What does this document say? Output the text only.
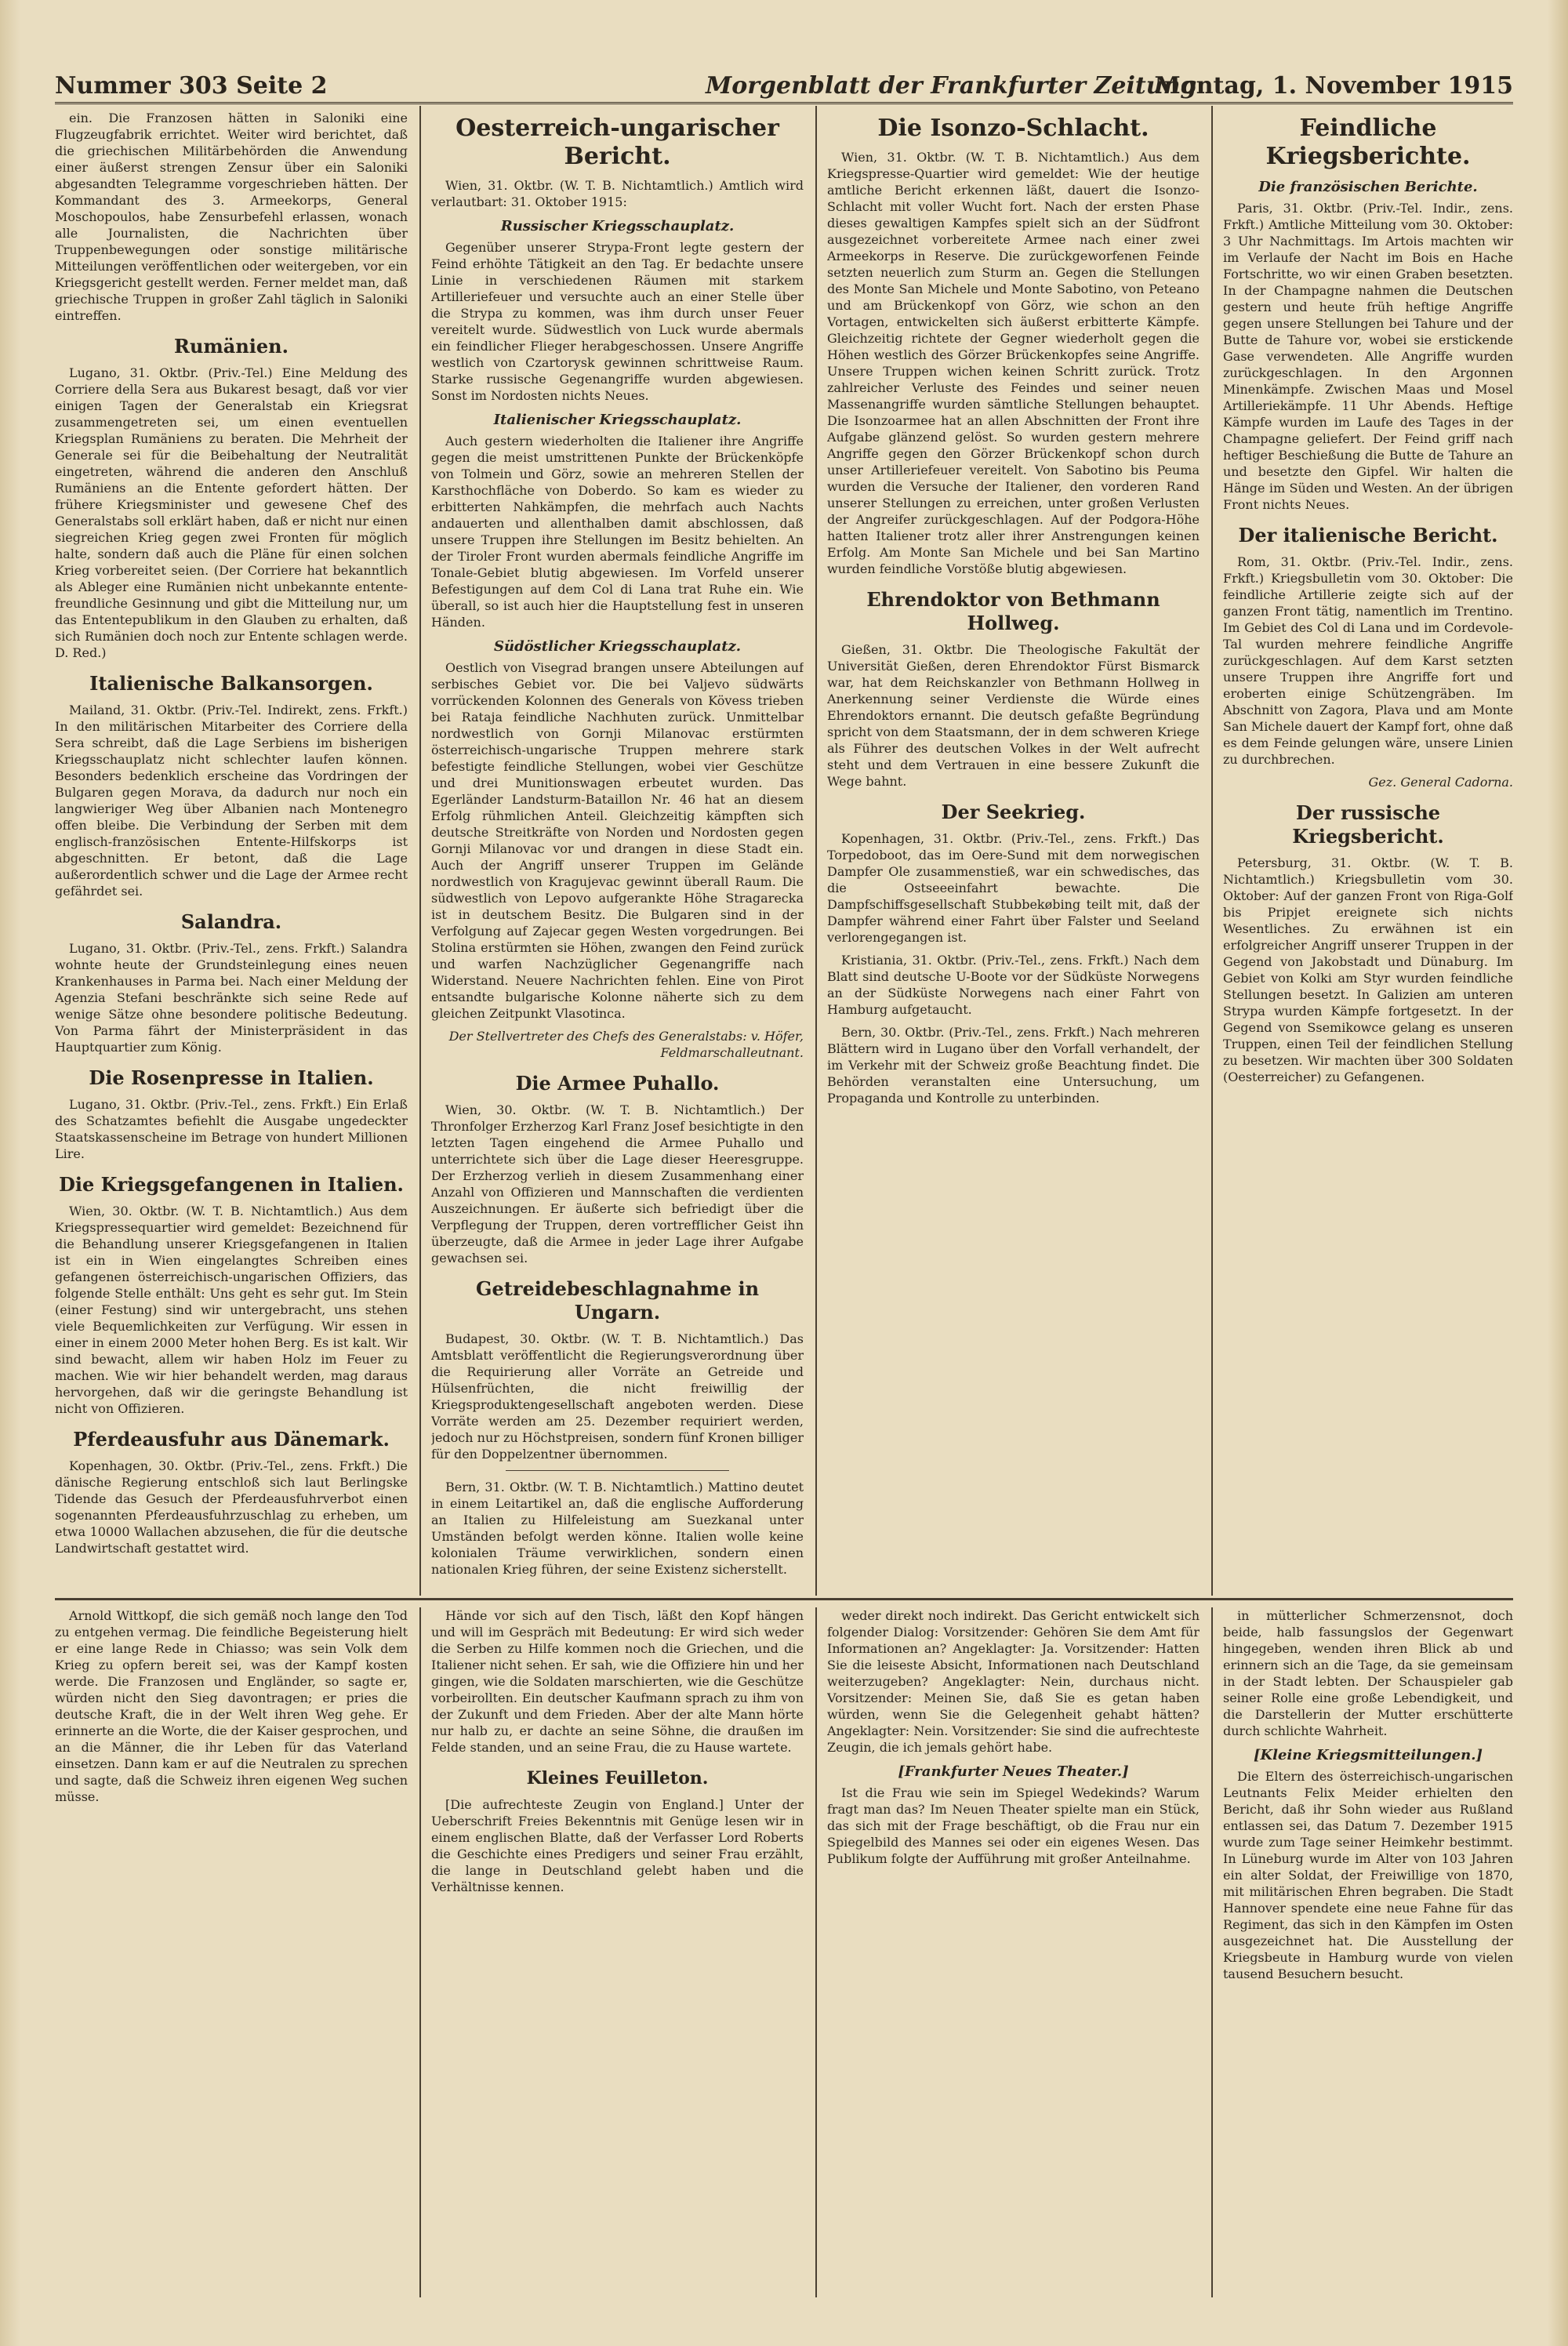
Nummer 303 Seite 2	Morgenblatt der Frankfurter Zeitung
Montag, 1. November 1915

ein. Die Franzosen hätten in Saloniki eine Flugzeugfabrik errichtet. Weiter wird berichtet, daß die griechischen Militärbehörden die Anwendung einer äußerst strengen Zensur über ein Saloniki abgesandten Telegramme vorgeschrieben hätten. Der Kommandant des 3. Armeekorps, General Moschopoulos, habe Zensurbefehl erlassen, wonach alle Journalisten, die Nachrichten über Truppenbewegungen oder sonstige militärische Mitteilungen veröffentlichen oder weitergeben, vor ein Kriegsgericht gestellt werden. Ferner meldet man, daß griechische Truppen in großer Zahl täglich in Saloniki eintreffen.

Rumänien.

Lugano, 31. Oktbr. (Priv.-Tel.) Eine Meldung des Corriere della Sera aus Bukarest besagt, daß vor vier einigen Tagen der Generalstab ein Kriegsrat zusammengetreten sei, um einen eventuellen Kriegsplan Rumäniens zu beraten. Die Mehrheit der Generale sei für die Beibehaltung der Neutralität eingetreten, während die anderen den Anschluß Rumäniens an die Entente gefordert hätten. Der frühere Kriegsminister und gewesene Chef des Generalstabs soll erklärt haben, daß er nicht nur einen siegreichen Krieg gegen zwei Fronten für möglich halte, sondern daß auch die Pläne für einen solchen Krieg vorbereitet seien. (Der Corriere hat bekanntlich als Ableger eine Rumänien nicht unbekannte entente-freundliche Gesinnung und gibt die Mitteilung nur, um das Ententepublikum in den Glauben zu erhalten, daß sich Rumänien doch noch zur Entente schlagen werde. D. Red.)

Italienische Balkansorgen.

Mailand, 31. Oktbr. (Priv.-Tel. Indirekt, zens. Frkft.) In den militärischen Mitarbeiter des Corriere della Sera schreibt, daß die Lage Serbiens im bisherigen Kriegsschauplatz nicht schlechter laufen können. Besonders bedenklich erscheine das Vordringen der Bulgaren gegen Morava, da dadurch nur noch ein langwieriger Weg über Albanien nach Montenegro offen bleibe. Die Verbindung der Serben mit dem englisch-französischen Entente-Hilfskorps ist abgeschnitten. Er betont, daß die Lage außerordentlich schwer und die Lage der Armee recht gefährdet sei.

Salandra.

Lugano, 31. Oktbr. (Priv.-Tel., zens. Frkft.) Salandra wohnte heute der Grundsteinlegung eines neuen Krankenhauses in Parma bei. Nach einer Meldung der Agenzia Stefani beschränkte sich seine Rede auf wenige Sätze ohne besondere politische Bedeutung. Von Parma fährt der Ministerpräsident in das Hauptquartier zum König.

Die Rosenpresse in Italien.

Lugano, 31. Oktbr. (Priv.-Tel., zens. Frkft.) Ein Erlaß des Schatzamtes befiehlt die Ausgabe ungedeckter Staatskassenscheine im Betrage von hundert Millionen Lire.

Die Kriegsgefangenen in Italien.

Wien, 30. Oktbr. (W. T. B. Nichtamtlich.) Aus dem Kriegspressequartier wird gemeldet: Bezeichnend für die Behandlung unserer Kriegsgefangenen in Italien ist ein in Wien eingelangtes Schreiben eines gefangenen österreichisch-ungarischen Offiziers, das folgende Stelle enthält: Uns geht es sehr gut. Im Stein (einer Festung) sind wir untergebracht, uns stehen viele Bequemlichkeiten zur Verfügung. Wir essen in einer in einem 2000 Meter hohen Berg. Es ist kalt. Wir sind bewacht, allem wir haben Holz im Feuer zu machen. Wie wir hier behandelt werden, mag daraus hervorgehen, daß wir die geringste Behandlung ist nicht von Offizieren.

Pferdeausfuhr aus Dänemark.

Kopenhagen, 30. Oktbr. (Priv.-Tel., zens. Frkft.) Die dänische Regierung entschloß sich laut Berlingske Tidende das Gesuch der Pferdeausfuhrverbot einen sogenannten Pferdeausfuhrzuschlag zu erheben, um etwa 10000 Wallachen abzusehen, die für die deutsche Landwirtschaft gestattet wird.

Oesterreich-ungarischer Bericht.

Wien, 31. Oktbr. (W. T. B. Nichtamtlich.) Amtlich wird verlautbart: 31. Oktober 1915:

Russischer Kriegsschauplatz.

Gegenüber unserer Strypa-Front legte gestern der Feind erhöhte Tätigkeit an den Tag. Er bedachte unsere Linie in verschiedenen Räumen mit starkem Artilleriefeuer und versuchte auch an einer Stelle über die Strypa zu kommen, was ihm durch unser Feuer vereitelt wurde. Südwestlich von Luck wurde abermals ein feindlicher Flieger herabgeschossen. Unsere Angriffe westlich von Czartorysk gewinnen schrittweise Raum. Starke russische Gegenangriffe wurden abgewiesen. Sonst im Nordosten nichts Neues.

Italienischer Kriegsschauplatz.

Auch gestern wiederholten die Italiener ihre Angriffe gegen die meist umstrittenen Punkte der Brückenköpfe von Tolmein und Görz, sowie an mehreren Stellen der Karsthochfläche von Doberdo. So kam es wieder zu erbitterten Nahkämpfen, die mehrfach auch Nachts andauerten und allenthalben damit abschlossen, daß unsere Truppen ihre Stellungen im Besitz behielten. An der Tiroler Front wurden abermals feindliche Angriffe im Tonale-Gebiet blutig abgewiesen. Im Vorfeld unserer Befestigungen auf dem Col di Lana trat Ruhe ein. Wie überall, so ist auch hier die Hauptstellung fest in unseren Händen.

Südöstlicher Kriegsschauplatz.

Oestlich von Visegrad brangen unsere Abteilungen auf serbisches Gebiet vor. Die bei Valjevo südwärts vorrückenden Kolonnen des Generals von Kövess trieben bei Rataja feindliche Nachhuten zurück. Unmittelbar nordwestlich von Gornji Milanovac erstürmten österreichisch-ungarische Truppen mehrere stark befestigte feindliche Stellungen, wobei vier Geschütze und drei Munitionswagen erbeutet wurden. Das Egerländer Landsturm-Bataillon Nr. 46 hat an diesem Erfolg rühmlichen Anteil. Gleichzeitig kämpften sich deutsche Streitkräfte von Norden und Nordosten gegen Gornji Milanovac vor und drangen in diese Stadt ein. Auch der Angriff unserer Truppen im Gelände nordwestlich von Kragujevac gewinnt überall Raum. Die südwestlich von Lepovo aufgerankte Höhe Stragarecka ist in deutschem Besitz. Die Bulgaren sind in der Verfolgung auf Zajecar gegen Westen vorgedrungen. Bei Stolina erstürmten sie Höhen, zwangen den Feind zurück und warfen Nachzüglicher Gegenangriffe nach Widerstand. Neuere Nachrichten fehlen. Eine von Pirot entsandte bulgarische Kolonne näherte sich zu dem gleichen Zeitpunkt Vlasotinca.

Der Stellvertreter des Chefs des Generalstabs: v. Höfer, Feldmarschalleutnant.
Die Armee Puhallo.

Wien, 30. Oktbr. (W. T. B. Nichtamtlich.) Der Thronfolger Erzherzog Karl Franz Josef besichtigte in den letzten Tagen eingehend die Armee Puhallo und unterrichtete sich über die Lage dieser Heeresgruppe. Der Erzherzog verlieh in diesem Zusammenhang einer Anzahl von Offizieren und Mannschaften die verdienten Auszeichnungen. Er äußerte sich befriedigt über die Verpflegung der Truppen, deren vortrefflicher Geist ihn überzeugte, daß die Armee in jeder Lage ihrer Aufgabe gewachsen sei.

Getreidebeschlagnahme in Ungarn.

Budapest, 30. Oktbr. (W. T. B. Nichtamtlich.) Das Amtsblatt veröffentlicht die Regierungsverordnung über die Requirierung aller Vorräte an Getreide und Hülsenfrüchten, die nicht freiwillig der Kriegsproduktengesellschaft angeboten werden. Diese Vorräte werden am 25. Dezember requiriert werden, jedoch nur zu Höchstpreisen, sondern fünf Kronen billiger für den Doppelzentner übernommen.

Bern, 31. Oktbr. (W. T. B. Nichtamtlich.) Mattino deutet in einem Leitartikel an, daß die englische Aufforderung an Italien zu Hilfeleistung am Suezkanal unter Umständen befolgt werden könne. Italien wolle keine kolonialen Träume verwirklichen, sondern einen nationalen Krieg führen, der seine Existenz sicherstellt.

Die Isonzo-Schlacht.

Wien, 31. Oktbr. (W. T. B. Nichtamtlich.) Aus dem Kriegspresse-Quartier wird gemeldet: Wie der heutige amtliche Bericht erkennen läßt, dauert die Isonzo-Schlacht mit voller Wucht fort. Nach der ersten Phase dieses gewaltigen Kampfes spielt sich an der Südfront ausgezeichnet vorbereitete Armee nach einer zwei Armeekorps in Reserve. Die zurückgeworfenen Feinde setzten neuerlich zum Sturm an. Gegen die Stellungen des Monte San Michele und Monte Sabotino, von Peteano und am Brückenkopf von Görz, wie schon an den Vortagen, entwickelten sich äußerst erbitterte Kämpfe. Gleichzeitig richtete der Gegner wiederholt gegen die Höhen westlich des Görzer Brückenkopfes seine Angriffe. Unsere Truppen wichen keinen Schritt zurück. Trotz zahlreicher Verluste des Feindes und seiner neuen Massenangriffe wurden sämtliche Stellungen behauptet. Die Isonzoarmee hat an allen Abschnitten der Front ihre Aufgabe glänzend gelöst. So wurden gestern mehrere Angriffe gegen den Görzer Brückenkopf schon durch unser Artilleriefeuer vereitelt. Von Sabotino bis Peuma wurden die Versuche der Italiener, den vorderen Rand unserer Stellungen zu erreichen, unter großen Verlusten der Angreifer zurückgeschlagen. Auf der Podgora-Höhe hatten Italiener trotz aller ihrer Anstrengungen keinen Erfolg. Am Monte San Michele und bei San Martino wurden feindliche Vorstöße blutig abgewiesen.

Ehrendoktor von Bethmann Hollweg.

Gießen, 31. Oktbr. Die Theologische Fakultät der Universität Gießen, deren Ehrendoktor Fürst Bismarck war, hat dem Reichskanzler von Bethmann Hollweg in Anerkennung seiner Verdienste die Würde eines Ehrendoktors ernannt. Die deutsch gefaßte Begründung spricht von dem Staatsmann, der in dem schweren Kriege als Führer des deutschen Volkes in der Welt aufrecht steht und dem Vertrauen in eine bessere Zukunft die Wege bahnt.

Der Seekrieg.

Kopenhagen, 31. Oktbr. (Priv.-Tel., zens. Frkft.) Das Torpedoboot, das im Oere-Sund mit dem norwegischen Dampfer Ole zusammenstieß, war ein schwedisches, das die Ostseeeinfahrt bewachte. Die Dampfschiffsgesellschaft Stubbekøbing teilt mit, daß der Dampfer während einer Fahrt über Falster und Seeland verlorengegangen ist.

Kristiania, 31. Oktbr. (Priv.-Tel., zens. Frkft.) Nach dem Blatt sind deutsche U-Boote vor der Südküste Norwegens an der Südküste Norwegens nach einer Fahrt von Hamburg aufgetaucht.

Bern, 30. Oktbr. (Priv.-Tel., zens. Frkft.) Nach mehreren Blättern wird in Lugano über den Vorfall verhandelt, der im Verkehr mit der Schweiz große Beachtung findet. Die Behörden veranstalten eine Untersuchung, um Propaganda und Kontrolle zu unterbinden.

Feindliche Kriegsberichte.
Die französischen Berichte.

Paris, 31. Oktbr. (Priv.-Tel. Indir., zens. Frkft.) Amtliche Mitteilung vom 30. Oktober: 3 Uhr Nachmittags. Im Artois machten wir im Verlaufe der Nacht im Bois en Hache Fortschritte, wo wir einen Graben besetzten. In der Champagne nahmen die Deutschen gestern und heute früh heftige Angriffe gegen unsere Stellungen bei Tahure und der Butte de Tahure vor, wobei sie erstickende Gase verwendeten. Alle Angriffe wurden zurückgeschlagen. In den Argonnen Minenkämpfe. Zwischen Maas und Mosel Artilleriekämpfe. 11 Uhr Abends. Heftige Kämpfe wurden im Laufe des Tages in der Champagne geliefert. Der Feind griff nach heftiger Beschießung die Butte de Tahure an und besetzte den Gipfel. Wir halten die Hänge im Süden und Westen. An der übrigen Front nichts Neues.

Der italienische Bericht.

Rom, 31. Oktbr. (Priv.-Tel. Indir., zens. Frkft.) Kriegsbulletin vom 30. Oktober: Die feindliche Artillerie zeigte sich auf der ganzen Front tätig, namentlich im Trentino. Im Gebiet des Col di Lana und im Cordevole-Tal wurden mehrere feindliche Angriffe zurückgeschlagen. Auf dem Karst setzten unsere Truppen ihre Angriffe fort und eroberten einige Schützengräben. Im Abschnitt von Zagora, Plava und am Monte San Michele dauert der Kampf fort, ohne daß es dem Feinde gelungen wäre, unsere Linien zu durchbrechen.

Gez. General Cadorna.
Der russische Kriegsbericht.

Petersburg, 31. Oktbr. (W. T. B. Nichtamtlich.) Kriegsbulletin vom 30. Oktober: Auf der ganzen Front von Riga-Golf bis Pripjet ereignete sich nichts Wesentliches. Zu erwähnen ist ein erfolgreicher Angriff unserer Truppen in der Gegend von Jakobstadt und Dünaburg. Im Gebiet von Kolki am Styr wurden feindliche Stellungen besetzt. In Galizien am unteren Strypa wurden Kämpfe fortgesetzt. In der Gegend von Ssemikowce gelang es unseren Truppen, einen Teil der feindlichen Stellung zu besetzen. Wir machten über 300 Soldaten (Oesterreicher) zu Gefangenen.

Arnold Wittkopf, die sich gemäß noch lange den Tod zu entgehen vermag. Die feindliche Begeisterung hielt er eine lange Rede in Chiasso; was sein Volk dem Krieg zu opfern bereit sei, was der Kampf kosten werde. Die Franzosen und Engländer, so sagte er, würden nicht den Sieg davontragen; er pries die deutsche Kraft, die in der Welt ihren Weg gehe. Er erinnerte an die Worte, die der Kaiser gesprochen, und an die Männer, die ihr Leben für das Vaterland einsetzen. Dann kam er auf die Neutralen zu sprechen und sagte, daß die Schweiz ihren eigenen Weg suchen müsse.

Hände vor sich auf den Tisch, läßt den Kopf hängen und will im Gespräch mit Bedeutung: Er wird sich weder die Serben zu Hilfe kommen noch die Griechen, und die Italiener nicht sehen. Er sah, wie die Offiziere hin und her gingen, wie die Soldaten marschierten, wie die Geschütze vorbeirollten. Ein deutscher Kaufmann sprach zu ihm von der Zukunft und dem Frieden. Aber der alte Mann hörte nur halb zu, er dachte an seine Söhne, die draußen im Felde standen, und an seine Frau, die zu Hause wartete.

Kleines Feuilleton.

[Die aufrechteste Zeugin von England.] Unter der Ueberschrift Freies Bekenntnis mit Genüge lesen wir in einem englischen Blatte, daß der Verfasser Lord Roberts die Geschichte eines Predigers und seiner Frau erzählt, die lange in Deutschland gelebt haben und die Verhältnisse kennen.

weder direkt noch indirekt. Das Gericht entwickelt sich folgender Dialog: Vorsitzender: Gehören Sie dem Amt für Informationen an? Angeklagter: Ja. Vorsitzender: Hatten Sie die leiseste Absicht, Informationen nach Deutschland weiterzugeben? Angeklagter: Nein, durchaus nicht. Vorsitzender: Meinen Sie, daß Sie es getan haben würden, wenn Sie die Gelegenheit gehabt hätten? Angeklagter: Nein. Vorsitzender: Sie sind die aufrechteste Zeugin, die ich jemals gehört habe.

[Frankfurter Neues Theater.]

Ist die Frau wie sein im Spiegel Wedekinds? Warum fragt man das? Im Neuen Theater spielte man ein Stück, das sich mit der Frage beschäftigt, ob die Frau nur ein Spiegelbild des Mannes sei oder ein eigenes Wesen. Das Publikum folgte der Aufführung mit großer Anteilnahme.

in mütterlicher Schmerzensnot, doch beide, halb fassungslos der Gegenwart hingegeben, wenden ihren Blick ab und erinnern sich an die Tage, da sie gemeinsam in der Stadt lebten. Der Schauspieler gab seiner Rolle eine große Lebendigkeit, und die Darstellerin der Mutter erschütterte durch schlichte Wahrheit.

[Kleine Kriegsmitteilungen.]

Die Eltern des österreichisch-ungarischen Leutnants Felix Meider erhielten den Bericht, daß ihr Sohn wieder aus Rußland entlassen sei, das Datum 7. Dezember 1915 wurde zum Tage seiner Heimkehr bestimmt. In Lüneburg wurde im Alter von 103 Jahren ein alter Soldat, der Freiwillige von 1870, mit militärischen Ehren begraben. Die Stadt Hannover spendete eine neue Fahne für das Regiment, das sich in den Kämpfen im Osten ausgezeichnet hat. Die Ausstellung der Kriegsbeute in Hamburg wurde von vielen tausend Besuchern besucht.
